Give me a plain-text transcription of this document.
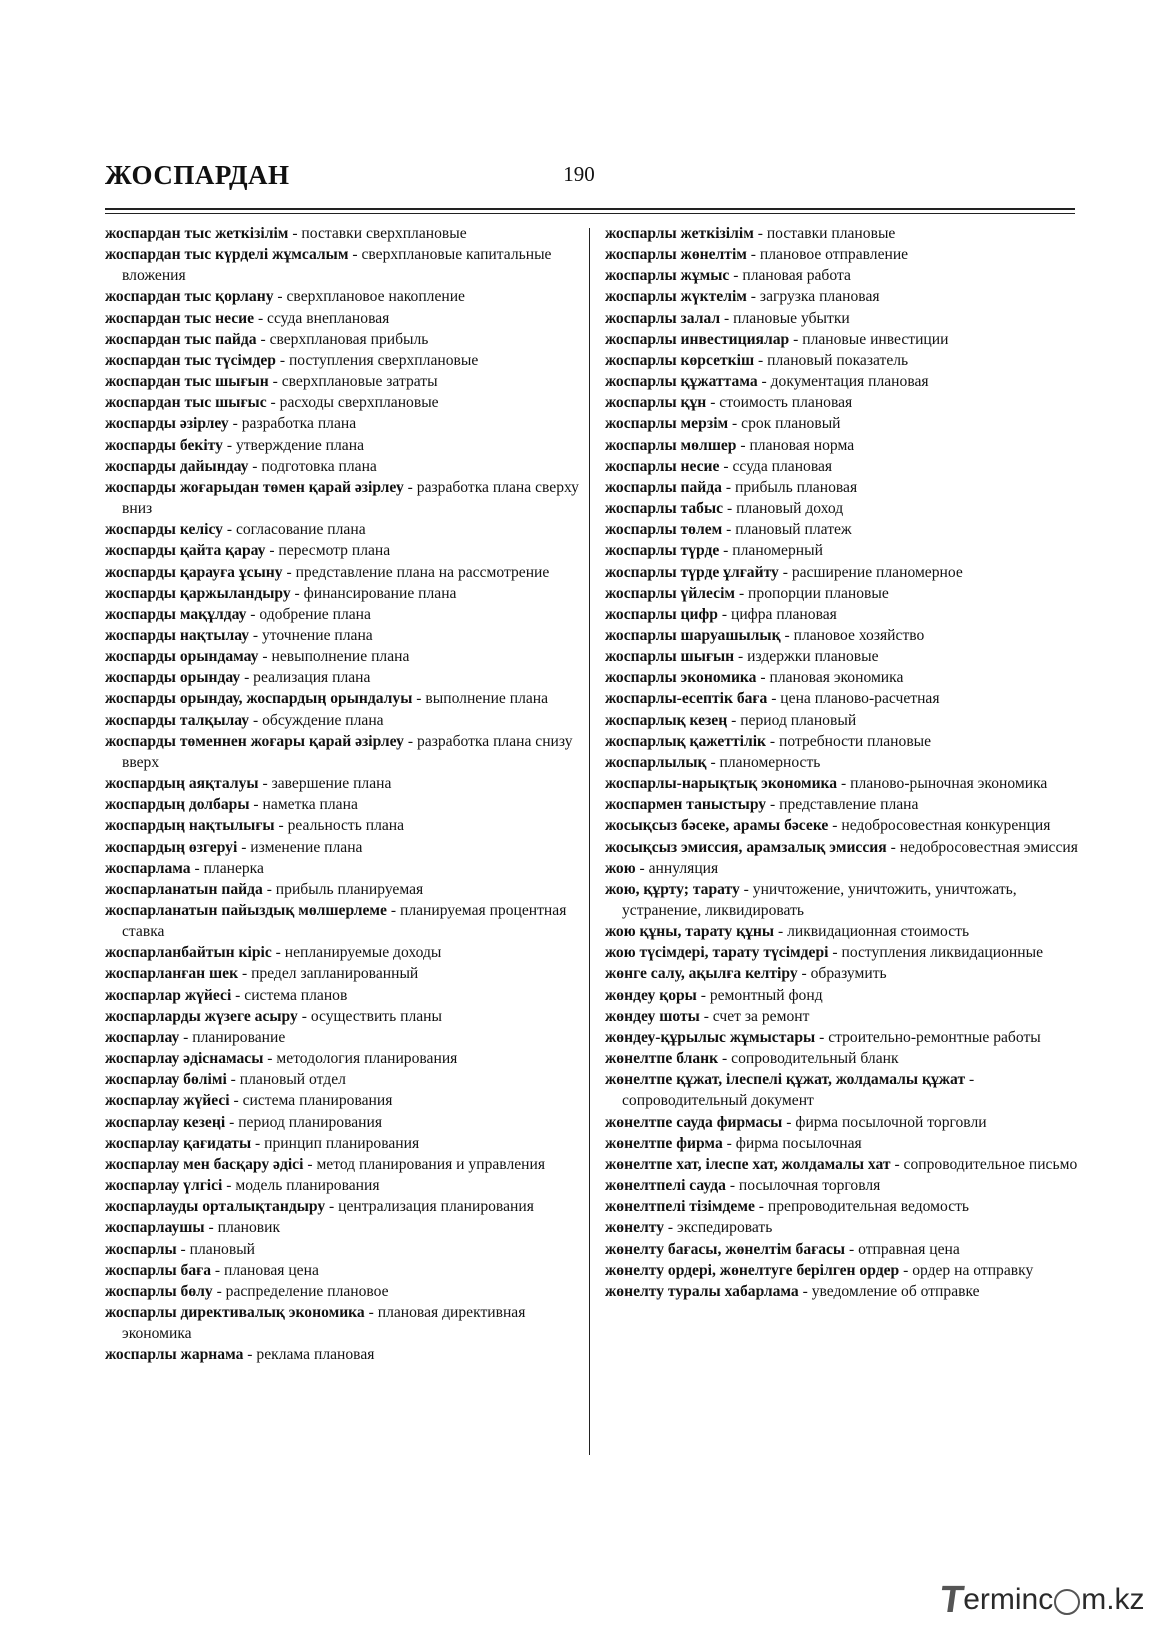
ЖОСПАРДАН	190
жоспардан тыс жеткізілім - поставки сверхплановые
жоспардан тыс күрделі жұмсалым - сверхплановые капитальные вложения
жоспардан тыс қорлану - сверхплановое накопление
жоспардан тыс несие - ссуда внеплановая
жоспардан тыс пайда - сверхплановая прибыль
жоспардан тыс түсімдер - поступления сверхплановые
жоспардан тыс шығын - сверхплановые затраты
жоспардан тыс шығыс - расходы сверхплановые
жоспарды әзірлеу - разработка плана
жоспарды бекіту - утверждение плана
жоспарды дайындау - подготовка плана
жоспарды жоғарыдан төмен қарай әзірлеу - разработка плана сверху вниз
жоспарды келісу - согласование плана
жоспарды қайта қарау - пересмотр плана
жоспарды қарауға ұсыну - представление плана на рассмотрение
жоспарды қаржыландыру - финансирование плана
жоспарды мақұлдау - одобрение плана
жоспарды нақтылау - уточнение плана
жоспарды орындамау - невыполнение плана
жоспарды орындау - реализация плана
жоспарды орындау, жоспардың орындалуы - выполнение плана
жоспарды талқылау - обсуждение плана
жоспарды төменнен жоғары қарай әзірлеу - разработка плана снизу вверх
жоспардың аяқталуы - завершение плана
жоспардың долбары - наметка плана
жоспардың нақтылығы - реальность плана
жоспардың өзгеруі - изменение плана
жоспарлама - планерка
жоспарланатын пайда - прибыль планируемая
жоспарланатын пайыздық мөлшерлеме - планируемая процентная ставка
жоспарланбайтын кіріс - непланируемые доходы
жоспарланған шек - предел запланированный
жоспарлар жүйесі - система планов
жоспарларды жүзеге асыру - осуществить планы
жоспарлау - планирование
жоспарлау әдіснамасы - методология планирования
жоспарлау бөлімі - плановый отдел
жоспарлау жүйесі - система планирования
жоспарлау кезеңі - период планирования
жоспарлау қағидаты - принцип планирования
жоспарлау мен басқару әдісі - метод планирования и управления
жоспарлау үлгісі - модель планирования
жоспарлауды орталықтандыру - централизация планирования
жоспарлаушы - плановик
жоспарлы - плановый
жоспарлы баға - плановая цена
жоспарлы бөлу - распределение плановое
жоспарлы директивалық экономика - плановая директивная экономика
жоспарлы жарнама - реклама плановая
жоспарлы жеткізілім - поставки плановые
жоспарлы жөнелтім - плановое отправление
жоспарлы жұмыс - плановая работа
жоспарлы жүктелім - загрузка плановая
жоспарлы залал - плановые убытки
жоспарлы инвестициялар - плановые инвестиции
жоспарлы көрсеткіш - плановый показатель
жоспарлы құжаттама - документация плановая
жоспарлы құн - стоимость плановая
жоспарлы мерзім - срок плановый
жоспарлы мөлшер - плановая норма
жоспарлы несие - ссуда плановая
жоспарлы пайда - прибыль плановая
жоспарлы табыс - плановый доход
жоспарлы төлем - плановый платеж
жоспарлы түрде - планомерный
жоспарлы түрде ұлғайту - расширение планомерное
жоспарлы үйлесім - пропорции плановые
жоспарлы цифр - цифра плановая
жоспарлы шаруашылық - плановое хозяйство
жоспарлы шығын - издержки плановые
жоспарлы экономика - плановая экономика
жоспарлы-есептік баға - цена планово-расчетная
жоспарлық кезең - период плановый
жоспарлық қажеттілік - потребности плановые
жоспарлылық - планомерность
жоспарлы-нарықтық экономика - планово-рыночная экономика
жоспармен таныстыру - представление плана
жосықсыз бәсеке, арамы бәсеке - недобросовестная конкуренция
жосықсыз эмиссия, арамзалық эмиссия - недобросовестная эмиссия
жою - аннуляция
жою, құрту; тарату - уничтожение, уничтожить, уничтожать, устранение, ликвидировать
жою құны, тарату құны - ликвидационная стоимость
жою түсімдері, тарату түсімдері - поступления ликвидационные
жөнге салу, ақылға келтіру - образумить
жөндеу қоры - ремонтный фонд
жөндеу шоты - счет за ремонт
жөндеу-құрылыс жұмыстары - строительно-ремонтные работы
жөнелтпе бланк - сопроводительный бланк
жөнелтпе құжат, ілеспелі құжат, жолдамалы құжат - сопроводительный документ
жөнелтпе сауда фирмасы - фирма посылочной торговли
жөнелтпе фирма - фирма посылочная
жөнелтпе хат, ілеспе хат, жолдамалы хат - сопроводительное письмо
жөнелтпелі сауда - посылочная торговля
жөнелтпелі тізімдеме - препроводительная ведомость
жөнелту - экспедировать
жөнелту бағасы, жөнелтім бағасы - отправная цена
жөнелту ордері, жөнелтуге берілген ордер - ордер на отправку
жөнелту туралы хабарлама - уведомление об отправке
T
erminc m.kz
